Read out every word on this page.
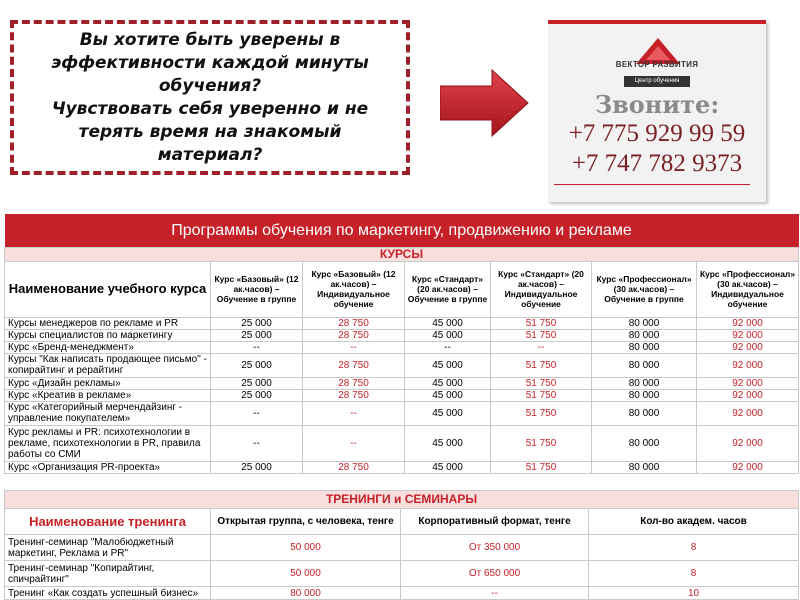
Вы хотите быть уверены в
эффективности каждой минуты
обучения?
Чувствовать себя уверенно и не
терять время на знакомый
материал?
ВЕКТОР РАЗВИТИЯ
Центр обучения
Звоните:
+7 775 929 99 59
+7 747 782 9373
Программы обучения по маркетингу, продвижению и рекламе						
КУРСЫ						
Наименование учебного курса	Курс «Базовый» (12 ак.часов) – Обучение в группе	Курс «Базовый» (12 ак.часов) – Индивидуальное обучение	Курс «Стандарт» (20 ак.часов) – Обучение в группе	Курс «Стандарт» (20 ак.часов) – Индивидуальное обучение	Курс «Профессионал» (30 ак.часов) – Обучение в группе	Курс «Профессионал» (30 ак.часов) – Индивидуальное обучение
Курсы менеджеров по рекламе и PR	25 000	28 750	45 000	51 750	80 000	92 000
Курсы специалистов по маркетингу	25 000	28 750	45 000	51 750	80 000	92 000
Курс «Бренд-менеджмент»	--	--	--	--	80 000	92 000
Курсы "Как написать продающее письмо" - копирайтинг и рерайтинг	25 000	28 750	45 000	51 750	80 000	92 000
Курс «Дизайн рекламы»	25 000	28 750	45 000	51 750	80 000	92 000
Курс «Креатив в рекламе»	25 000	28 750	45 000	51 750	80 000	92 000
Курс «Категорийный мерчендайзинг - управление покупателем»	--	--	45 000	51 750	80 000	92 000
Курс рекламы и PR: психотехнологии в рекламе, психотехнологии в PR, правила работы со СМИ	--	--	45 000	51 750	80 000	92 000
Курс «Организация PR-проекта»	25 000	28 750	45 000	51 750	80 000	92 000
ТРЕНИНГИ и СЕМИНАРЫ			
Наименование тренинга	Открытая группа, с человека, тенге	Корпоративный формат, тенге	Кол-во академ. часов
Тренинг-семинар "Малобюджетный маркетинг, Реклама и PR"	50 000	От 350 000	8
Тренинг-семинар "Копирайтинг, спичрайтинг"	50 000	От 650 000	8
Тренинг «Как создать успешный бизнес»	80 000	--	10
